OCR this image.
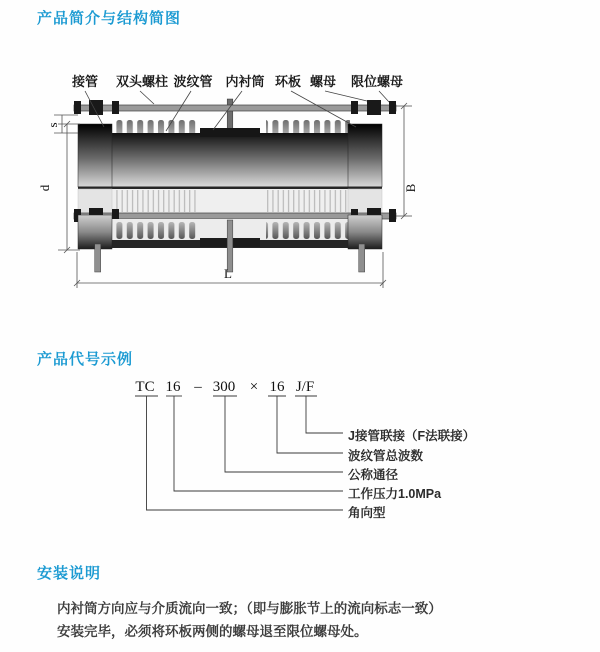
产品简介与结构简图
产品代号示例
安装说明
s
d	B
L
接管 双头螺柱 波纹管 内衬筒 环板 螺母 限位螺母
TC 16 – 300 × 16 J/F
J接管联接（F法联接）
波纹管总波数
公称通径
工作压力1.0MPa
角向型
内衬筒方向应与介质流向一致；（即与膨胀节上的流向标志一致）
安装完毕，必须将环板两侧的螺母退至限位螺母处。
